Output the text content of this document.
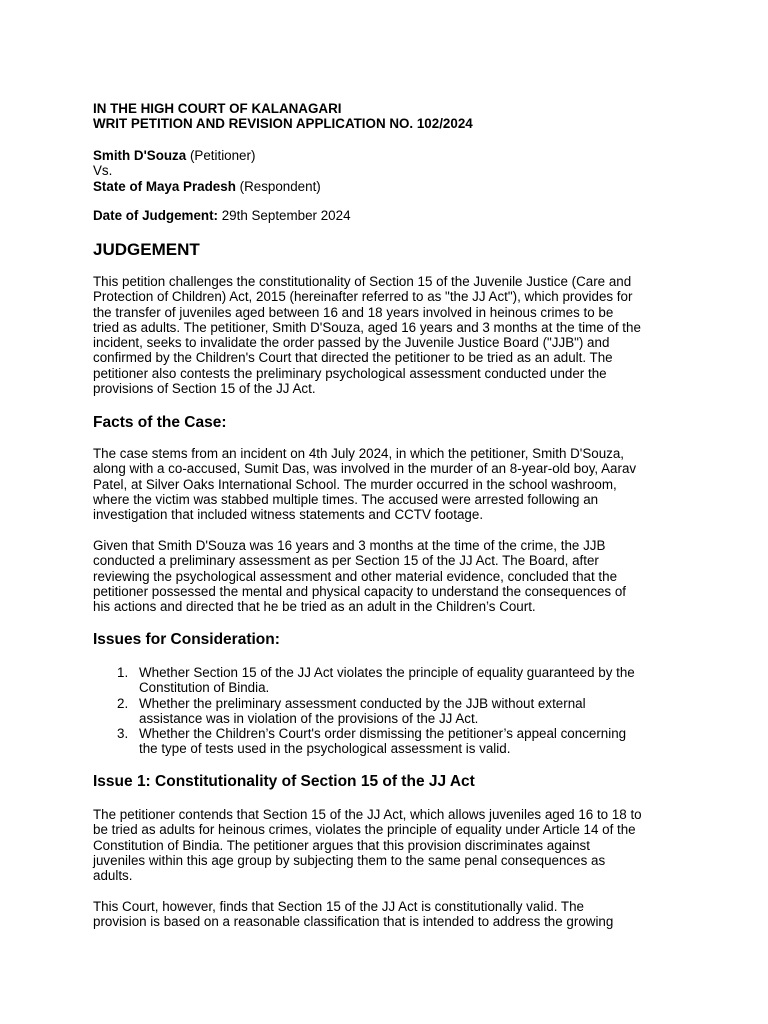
IN THE HIGH COURT OF KALANAGARI

WRIT PETITION AND REVISION APPLICATION NO. 102/2024

Smith D'Souza (Petitioner)

Vs.

State of Maya Pradesh (Respondent)

Date of Judgement: 29th September 2024

JUDGEMENT

This petition challenges the constitutionality of Section 15 of the Juvenile Justice (Care and

Protection of Children) Act, 2015 (hereinafter referred to as "the JJ Act"), which provides for

the transfer of juveniles aged between 16 and 18 years involved in heinous crimes to be

tried as adults. The petitioner, Smith D'Souza, aged 16 years and 3 months at the time of the

incident, seeks to invalidate the order passed by the Juvenile Justice Board ("JJB") and

confirmed by the Children's Court that directed the petitioner to be tried as an adult. The

petitioner also contests the preliminary psychological assessment conducted under the

provisions of Section 15 of the JJ Act.

Facts of the Case:

The case stems from an incident on 4th July 2024, in which the petitioner, Smith D'Souza,

along with a co-accused, Sumit Das, was involved in the murder of an 8-year-old boy, Aarav

Patel, at Silver Oaks International School. The murder occurred in the school washroom,

where the victim was stabbed multiple times. The accused were arrested following an

investigation that included witness statements and CCTV footage.

Given that Smith D'Souza was 16 years and 3 months at the time of the crime, the JJB

conducted a preliminary assessment as per Section 15 of the JJ Act. The Board, after

reviewing the psychological assessment and other material evidence, concluded that the

petitioner possessed the mental and physical capacity to understand the consequences of

his actions and directed that he be tried as an adult in the Children’s Court.

Issues for Consideration:
1. Whether Section 15 of the JJ Act violates the principle of equality guaranteed by the
Constitution of Bindia.
2. Whether the preliminary assessment conducted by the JJB without external
assistance was in violation of the provisions of the JJ Act.
3. Whether the Children’s Court's order dismissing the petitioner’s appeal concerning
the type of tests used in the psychological assessment is valid.
Issue 1: Constitutionality of Section 15 of the JJ Act

The petitioner contends that Section 15 of the JJ Act, which allows juveniles aged 16 to 18 to

be tried as adults for heinous crimes, violates the principle of equality under Article 14 of the

Constitution of Bindia. The petitioner argues that this provision discriminates against

juveniles within this age group by subjecting them to the same penal consequences as

adults.

This Court, however, finds that Section 15 of the JJ Act is constitutionally valid. The

provision is based on a reasonable classification that is intended to address the growing
